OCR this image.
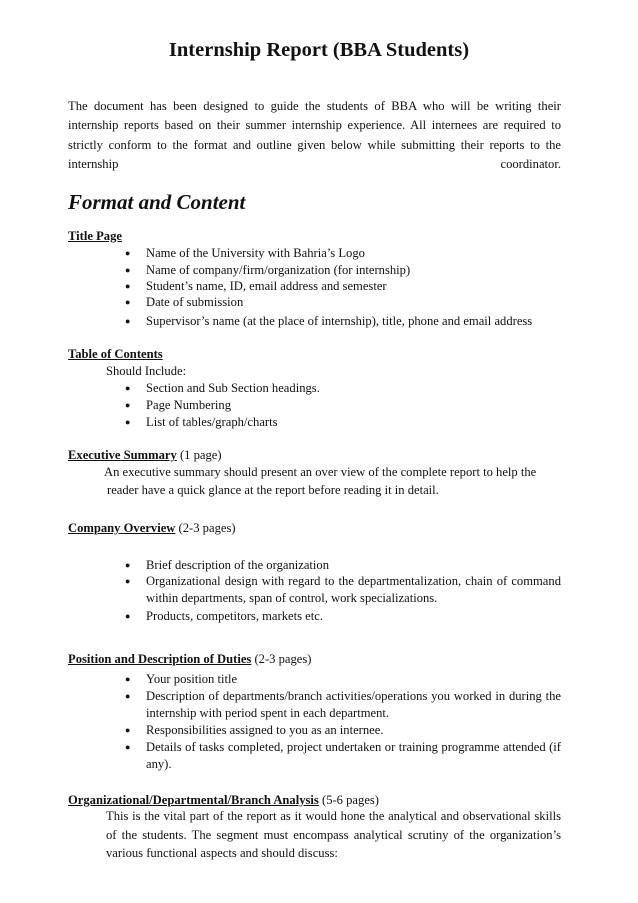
Internship Report (BBA Students)

The document has been designed to guide the students of BBA who will be writing their internship reports based on their summer internship experience. All internees are required to strictly conform to the format and outline given below while submitting their reports to the internship coordinator.

Format and Content

Title Page

● Name of the University with Bahria’s Logo
● Name of company/firm/organization (for internship)
● Student’s name, ID, email address and semester
● Date of submission
● Supervisor’s name (at the place of internship), title, phone and email address

Table of Contents

Should Include:

● Section and Sub Section headings.
● Page Numbering
● List of tables/graph/charts

Executive Summary (1 page)

An executive summary should present an over view of the complete report to help the

reader have a quick glance at the report before reading it in detail.

Company Overview (2-3 pages)

● Brief description of the organization
● Organizational design with regard to the departmentalization, chain of command within departments, span of control, work specializations.
● Products, competitors, markets etc.

Position and Description of Duties (2-3 pages)

● Your position title
● Description of departments/branch activities/operations you worked in during the internship with period spent in each department.
● Responsibilities assigned to you as an internee.
● Details of tasks completed, project undertaken or training programme attended (if any).

Organizational/Departmental/Branch Analysis (5-6 pages)

This is the vital part of the report as it would hone the analytical and observational skills of the students. The segment must encompass analytical scrutiny of the organization’s various functional aspects and should discuss:
